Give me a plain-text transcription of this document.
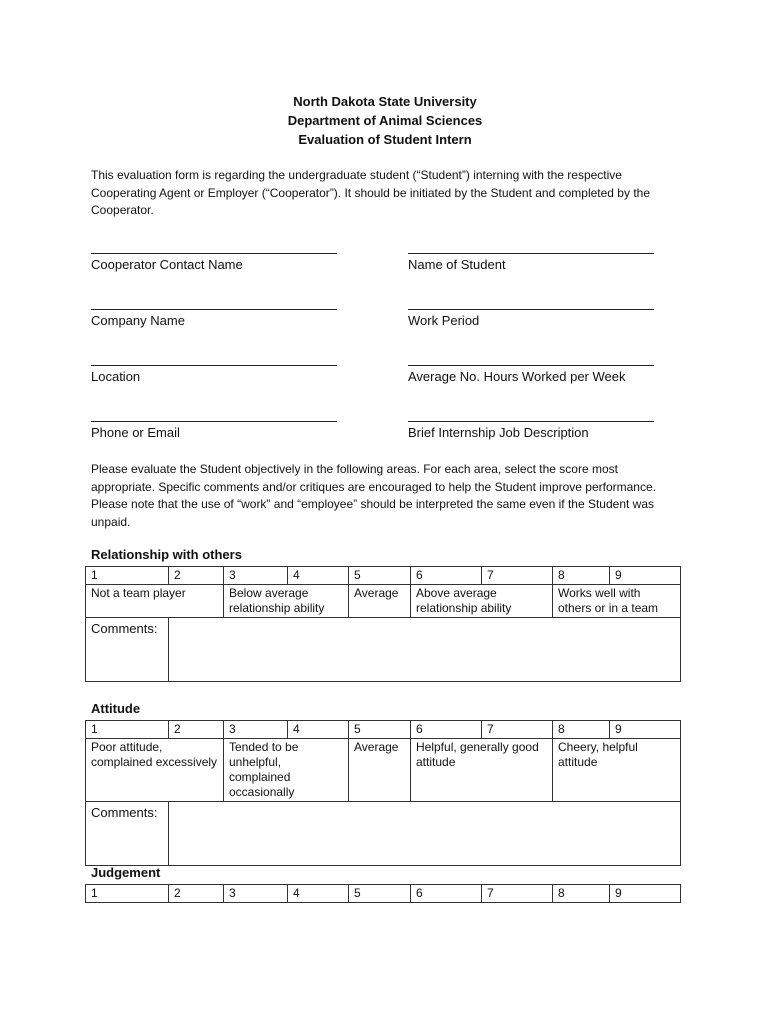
North Dakota State University
Department of Animal Sciences
Evaluation of Student Intern
This evaluation form is regarding the undergraduate student (“Student”) interning with the respective Cooperating Agent or Employer (“Cooperator”). It should be initiated by the Student and completed by the Cooperator.
Cooperator Contact Name	Name of Student
Company Name	Work Period
Location	Average No. Hours Worked per Week
Phone or Email	Brief Internship Job Description
Please evaluate the Student objectively in the following areas. For each area, select the score most appropriate. Specific comments and/or critiques are encouraged to help the Student improve performance. Please note that the use of “work” and “employee” should be interpreted the same even if the Student was unpaid.
Relationship with others
1	2	3	4	5	6	7	8	9
Not a team player		Below average relationship ability		Average	Above average relationship ability		Works well with others or in a team	
Comments:								
Attitude
1	2	3	4	5	6	7	8	9
Poor attitude, complained excessively		Tended to be unhelpful, complained occasionally		Average	Helpful, generally good attitude		Cheery, helpful attitude	
Comments:								
Judgement
1	2	3	4	5	6	7	8	9
